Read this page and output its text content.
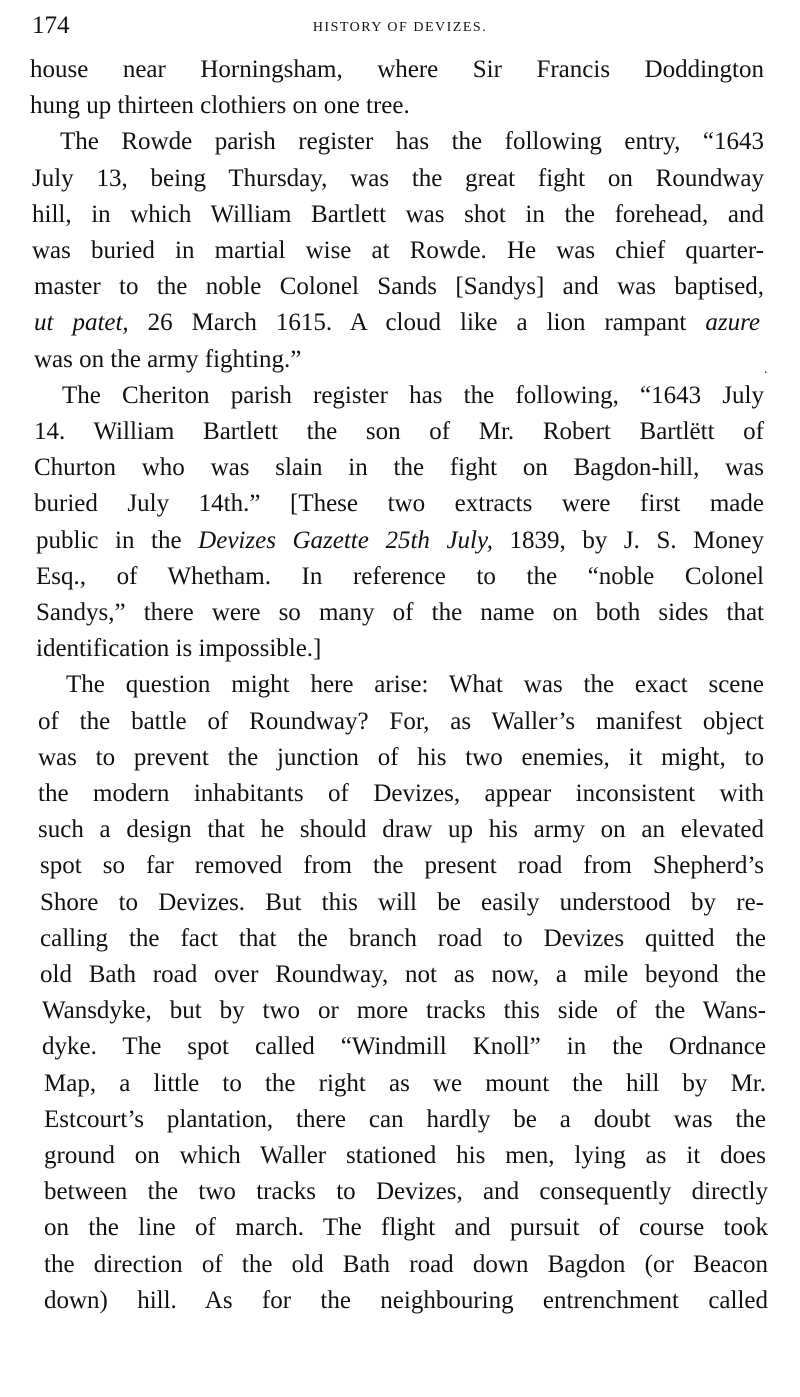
174	HISTORY OF DEVIZES.
house near Horningsham, where Sir Francis Doddington
hung up thirteen clothiers on one tree.
The Rowde parish register has the following entry, “1643
July 13, being Thursday, was the great fight on Roundway
hill, in which William Bartlett was shot in the forehead, and
was buried in martial wise at Rowde. He was chief quarter-
master to the noble Colonel Sands [Sandys] and was baptised,
ut patet, 26 March 1615. A cloud like a lion rampant azure
was on the army fighting.”
The Cheriton parish register has the following, “1643 July
14. William Bartlett the son of Mr. Robert Bartlëtt of
Churton who was slain in the fight on Bagdon-hill, was
buried July 14th.” [These two extracts were first made
public in the Devizes Gazette 25th July, 1839, by J. S. Money
Esq., of Whetham. In reference to the “noble Colonel
Sandys,” there were so many of the name on both sides that
identification is impossible.]
The question might here arise: What was the exact scene
of the battle of Roundway? For, as Waller’s manifest object
was to prevent the junction of his two enemies, it might, to
the modern inhabitants of Devizes, appear inconsistent with
such a design that he should draw up his army on an elevated
spot so far removed from the present road from Shepherd’s
Shore to Devizes. But this will be easily understood by re-
calling the fact that the branch road to Devizes quitted the
old Bath road over Roundway, not as now, a mile beyond the
Wansdyke, but by two or more tracks this side of the Wans-
dyke. The spot called “Windmill Knoll” in the Ordnance
Map, a little to the right as we mount the hill by Mr.
Estcourt’s plantation, there can hardly be a doubt was the
ground on which Waller stationed his men, lying as it does
between the two tracks to Devizes, and consequently directly
on the line of march. The flight and pursuit of course took
the direction of the old Bath road down Bagdon (or Beacon
down) hill. As for the neighbouring entrenchment called
.
